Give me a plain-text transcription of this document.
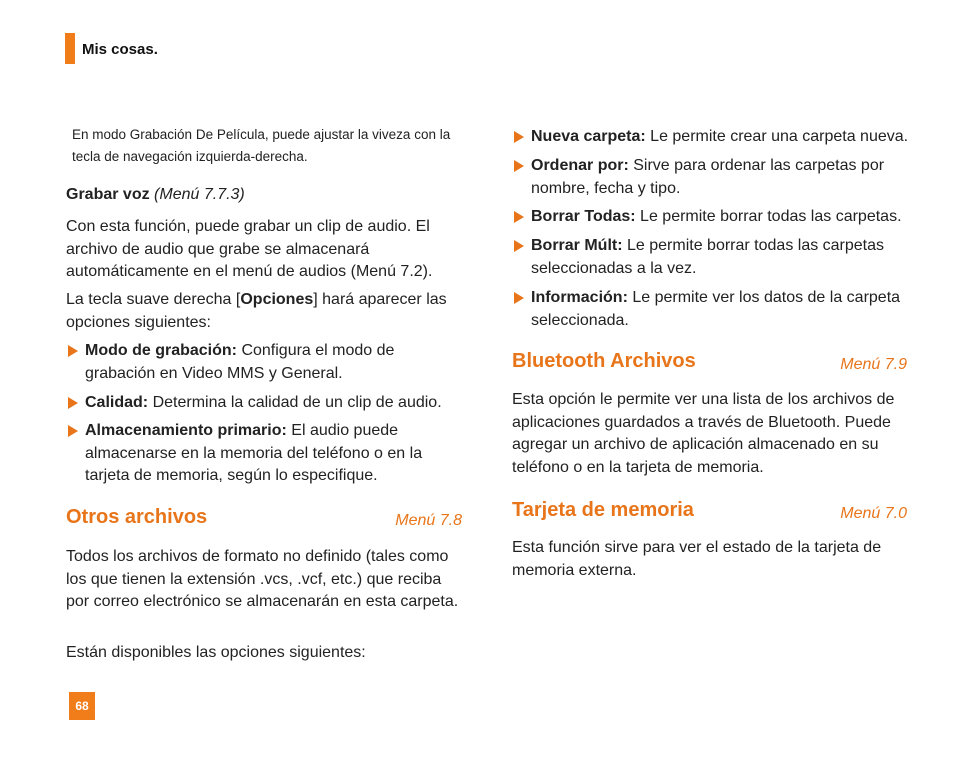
Mis cosas.
En modo Grabación De Película, puede ajustar la viveza con la tecla de navegación izquierda-derecha.
Grabar voz (Menú 7.7.3)

Con esta función, puede grabar un clip de audio. El archivo de audio que grabe se almacenará automáticamente en el menú de audios (Menú 7.2).

La tecla suave derecha [Opciones] hará aparecer las opciones siguientes:

Modo de grabación: Configura el modo de grabación en Video MMS y General.
Calidad: Determina la calidad de un clip de audio.
Almacenamiento primario: El audio puede almacenarse en la memoria del teléfono o en la tarjeta de memoria, según lo especifique.
Otros archivos	Menú 7.8

Todos los archivos de formato no definido (tales como los que tienen la extensión .vcs, .vcf, etc.) que reciba por correo electrónico se almacenarán en esta carpeta.

Están disponibles las opciones siguientes:

Nueva carpeta: Le permite crear una carpeta nueva.
Ordenar por: Sirve para ordenar las carpetas por nombre, fecha y tipo.
Borrar Todas: Le permite borrar todas las carpetas.
Borrar Múlt: Le permite borrar todas las carpetas seleccionadas a la vez.
Información: Le permite ver los datos de la carpeta seleccionada.
Bluetooth Archivos	Menú 7.9

Esta opción le permite ver una lista de los archivos de aplicaciones guardados a través de Bluetooth. Puede agregar un archivo de aplicación almacenado en su teléfono o en la tarjeta de memoria.

Tarjeta de memoria	Menú 7.0

Esta función sirve para ver el estado de la tarjeta de memoria externa.

68
